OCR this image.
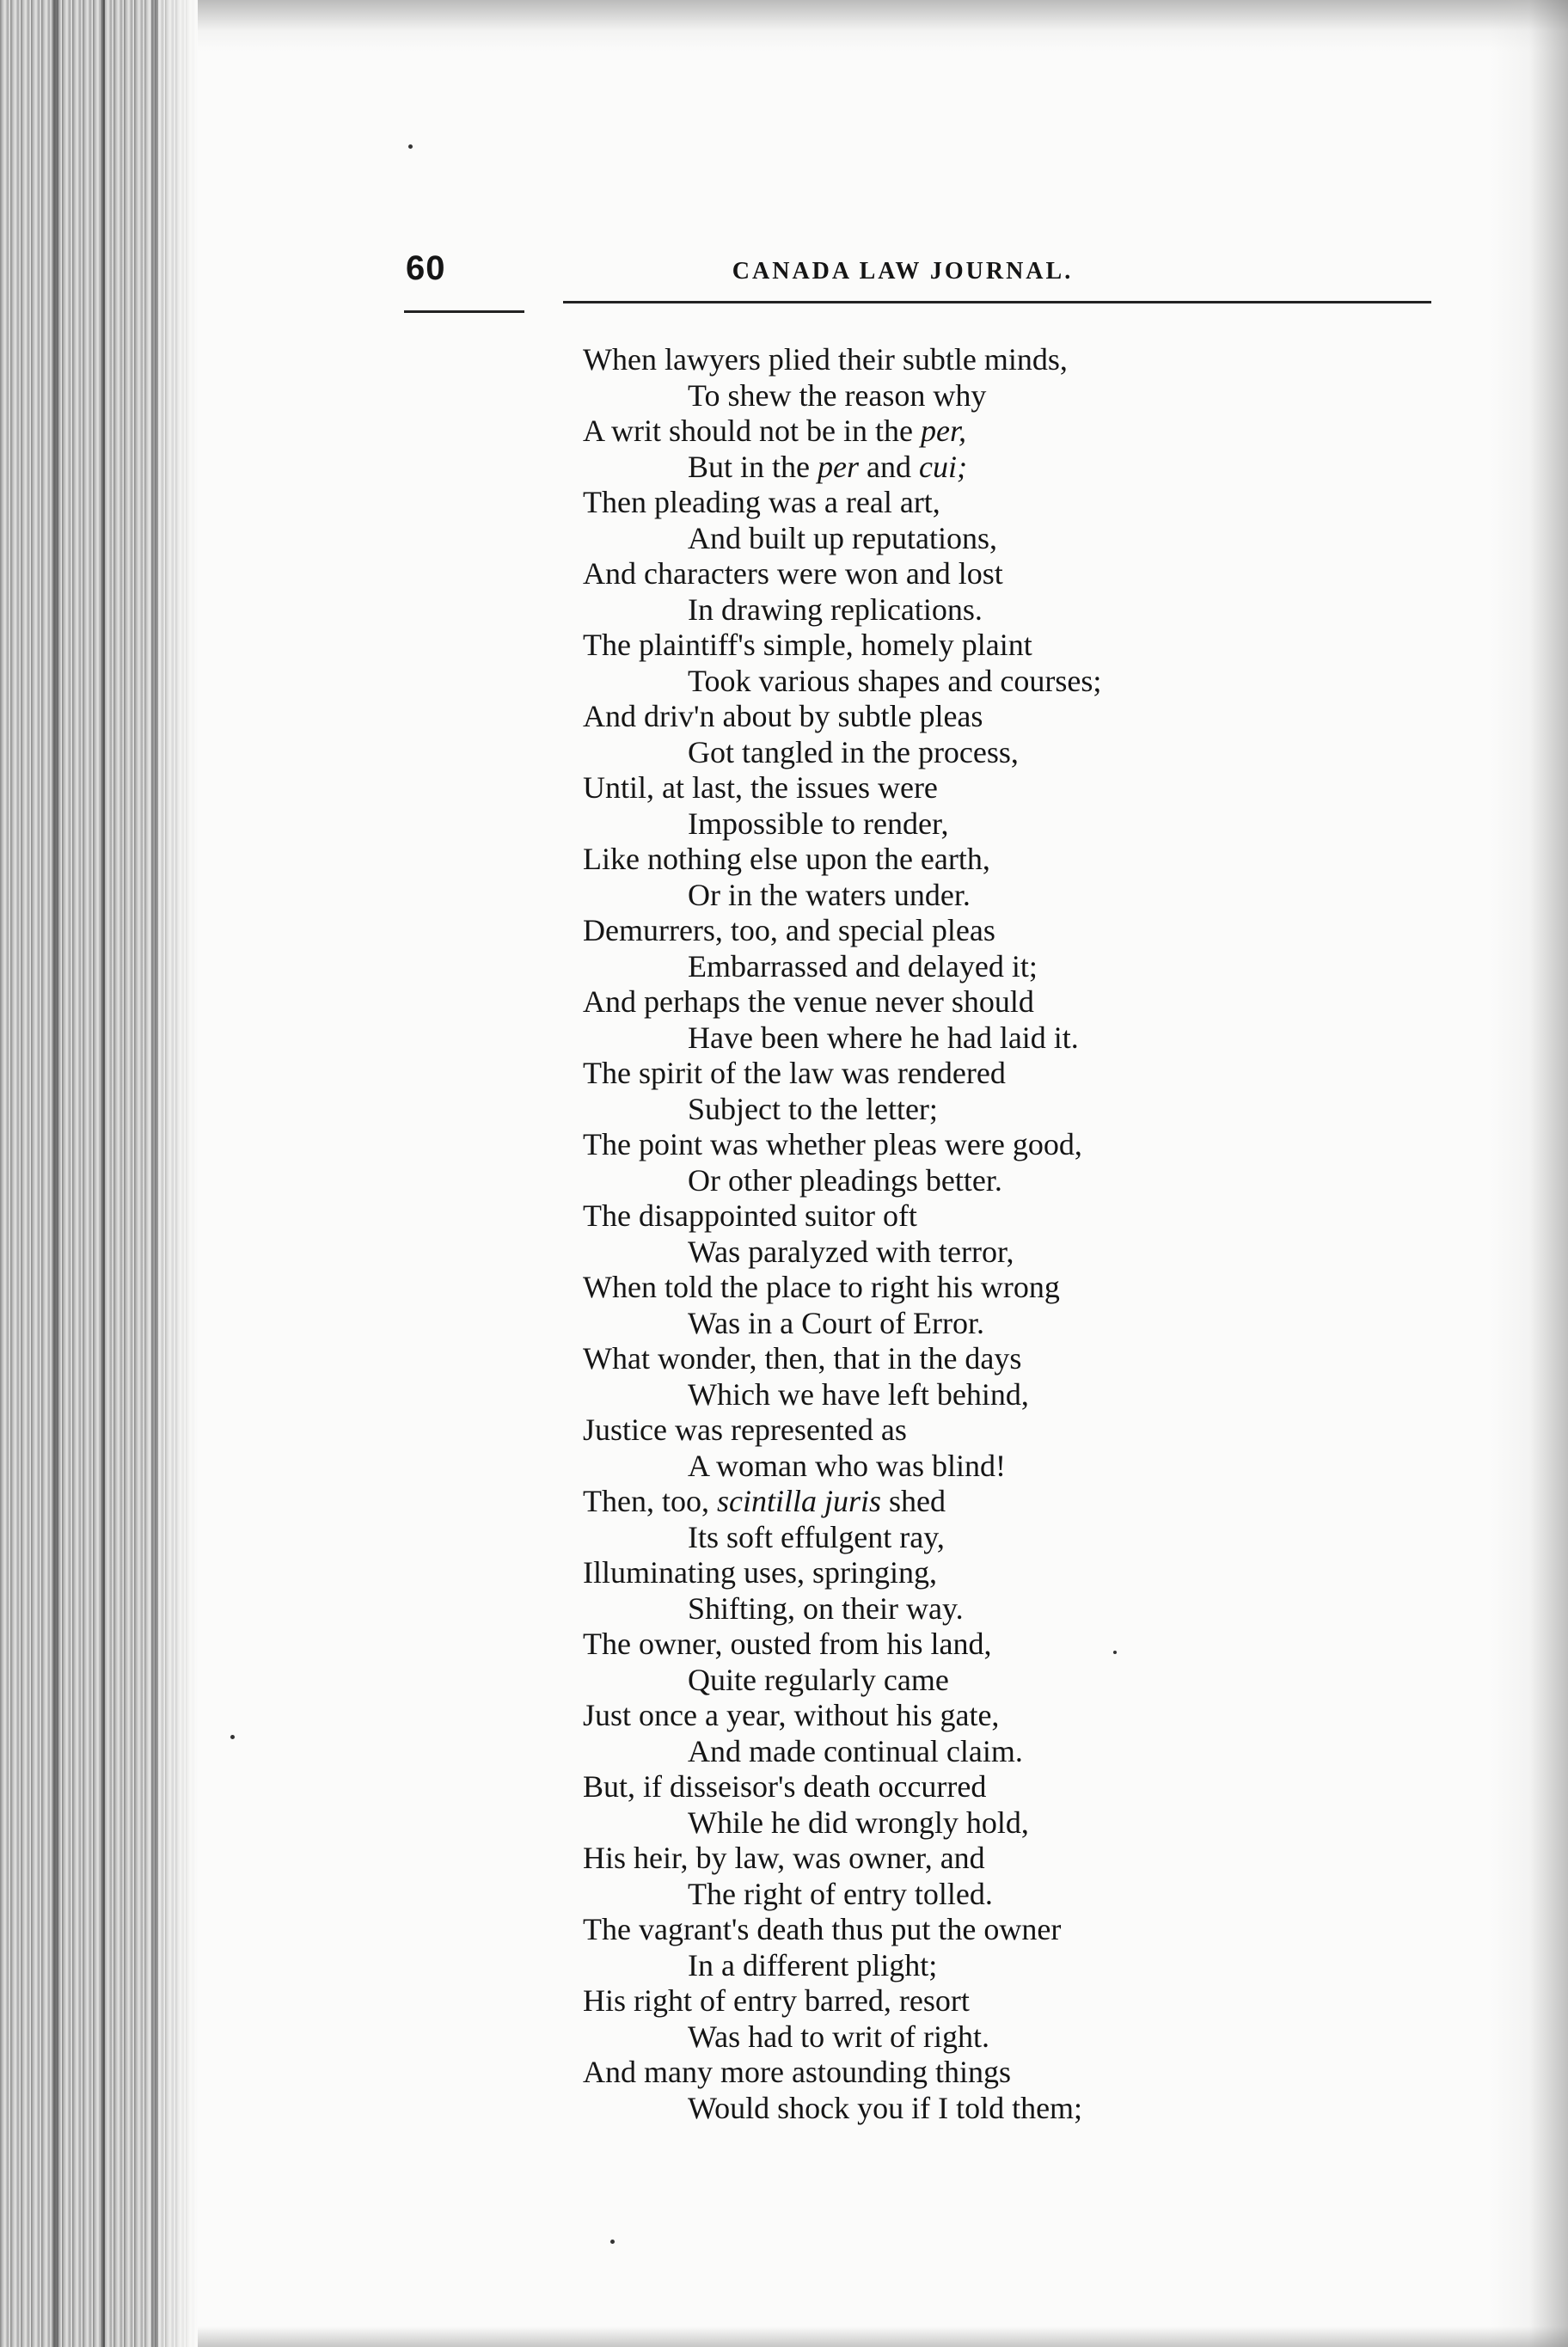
60	CANADA LAW JOURNAL.
When lawyers plied their subtle minds,
To shew the reason why
A writ should not be in the per,
But in the per and cui;
Then pleading was a real art,
And built up reputations,
And characters were won and lost
In drawing replications.
The plaintiff's simple, homely plaint
Took various shapes and courses;
And driv'n about by subtle pleas
Got tangled in the process,
Until, at last, the issues were
Impossible to render,
Like nothing else upon the earth,
Or in the waters under.
Demurrers, too, and special pleas
Embarrassed and delayed it;
And perhaps the venue never should
Have been where he had laid it.
The spirit of the law was rendered
Subject to the letter;
The point was whether pleas were good,
Or other pleadings better.
The disappointed suitor oft
Was paralyzed with terror,
When told the place to right his wrong
Was in a Court of Error.
What wonder, then, that in the days
Which we have left behind,
Justice was represented as
A woman who was blind!
Then, too, scintilla juris shed
Its soft effulgent ray,
Illuminating uses, springing,
Shifting, on their way.
The owner, ousted from his land,
Quite regularly came
Just once a year, without his gate,
And made continual claim.
But, if disseisor's death occurred
While he did wrongly hold,
His heir, by law, was owner, and
The right of entry tolled.
The vagrant's death thus put the owner
In a different plight;
His right of entry barred, resort
Was had to writ of right.
And many more astounding things
Would shock you if I told them;
